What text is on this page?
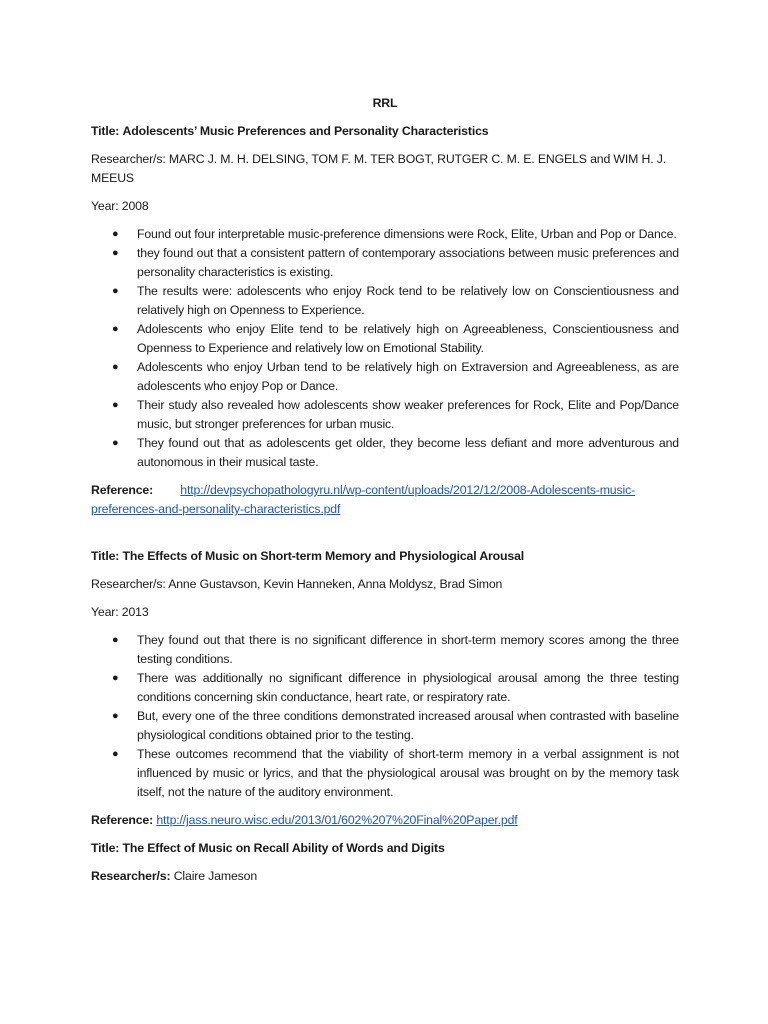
RRL
Title: Adolescents’ Music Preferences and Personality Characteristics
Researcher/s: MARC J. M. H. DELSING, TOM F. M. TER BOGT, RUTGER C. M. E. ENGELS and WIM H. J. MEEUS
Year: 2008
● Found out four interpretable music-preference dimensions were Rock, Elite, Urban and Pop or Dance.
● they found out that a consistent pattern of contemporary associations between music preferences and personality characteristics is existing.
● The results were: adolescents who enjoy Rock tend to be relatively low on Conscientiousness and relatively high on Openness to Experience.
● Adolescents who enjoy Elite tend to be relatively high on Agreeableness, Conscientiousness and Openness to Experience and relatively low on Emotional Stability.
● Adolescents who enjoy Urban tend to be relatively high on Extraversion and Agreeableness, as are adolescents who enjoy Pop or Dance.
● Their study also revealed how adolescents show weaker preferences for Rock, Elite and Pop/Dance music, but stronger preferences for urban music.
● They found out that as adolescents get older, they become less defiant and more adventurous and autonomous in their musical taste.
Reference: http://devpsychopathologyru.nl/wp-content/uploads/2012/12/2008-Adolescents-music-preferences-and-personality-characteristics.pdf
Title: The Effects of Music on Short-term Memory and Physiological Arousal
Researcher/s: Anne Gustavson, Kevin Hanneken, Anna Moldysz, Brad Simon
Year: 2013
● They found out that there is no significant difference in short-term memory scores among the three testing conditions.
● There was additionally no significant difference in physiological arousal among the three testing conditions concerning skin conductance, heart rate, or respiratory rate.
● But, every one of the three conditions demonstrated increased arousal when contrasted with baseline physiological conditions obtained prior to the testing.
● These outcomes recommend that the viability of short-term memory in a verbal assignment is not influenced by music or lyrics, and that the physiological arousal was brought on by the memory task itself, not the nature of the auditory environment.
Reference: http://jass.neuro.wisc.edu/2013/01/602%207%20Final%20Paper.pdf
Title: The Effect of Music on Recall Ability of Words and Digits
Researcher/s: Claire Jameson
